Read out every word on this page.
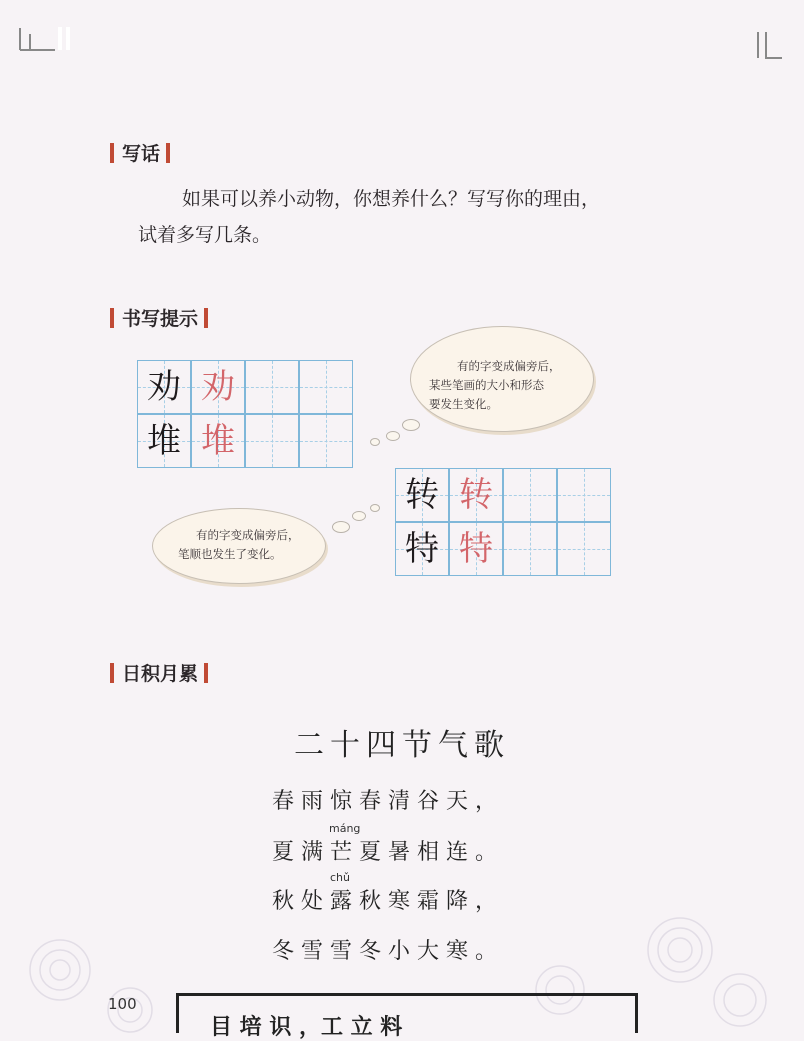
写话
如果可以养小动物，你想养什么？写写你的理由，
试着多写几条。
书写提示
劝 劝
堆 堆
有的字变成偏旁后，
某些笔画的大小和形态
要发生变化。
转 转
特 特
有的字变成偏旁后，
笔顺也发生了变化。
日积月累
二十四节气歌
春雨惊春清谷天，
máng
夏满芒夏暑相连。
chǔ
秋处露秋寒霜降，
冬雪雪冬小大寒。
100
目 培 识 ，工 立 料
